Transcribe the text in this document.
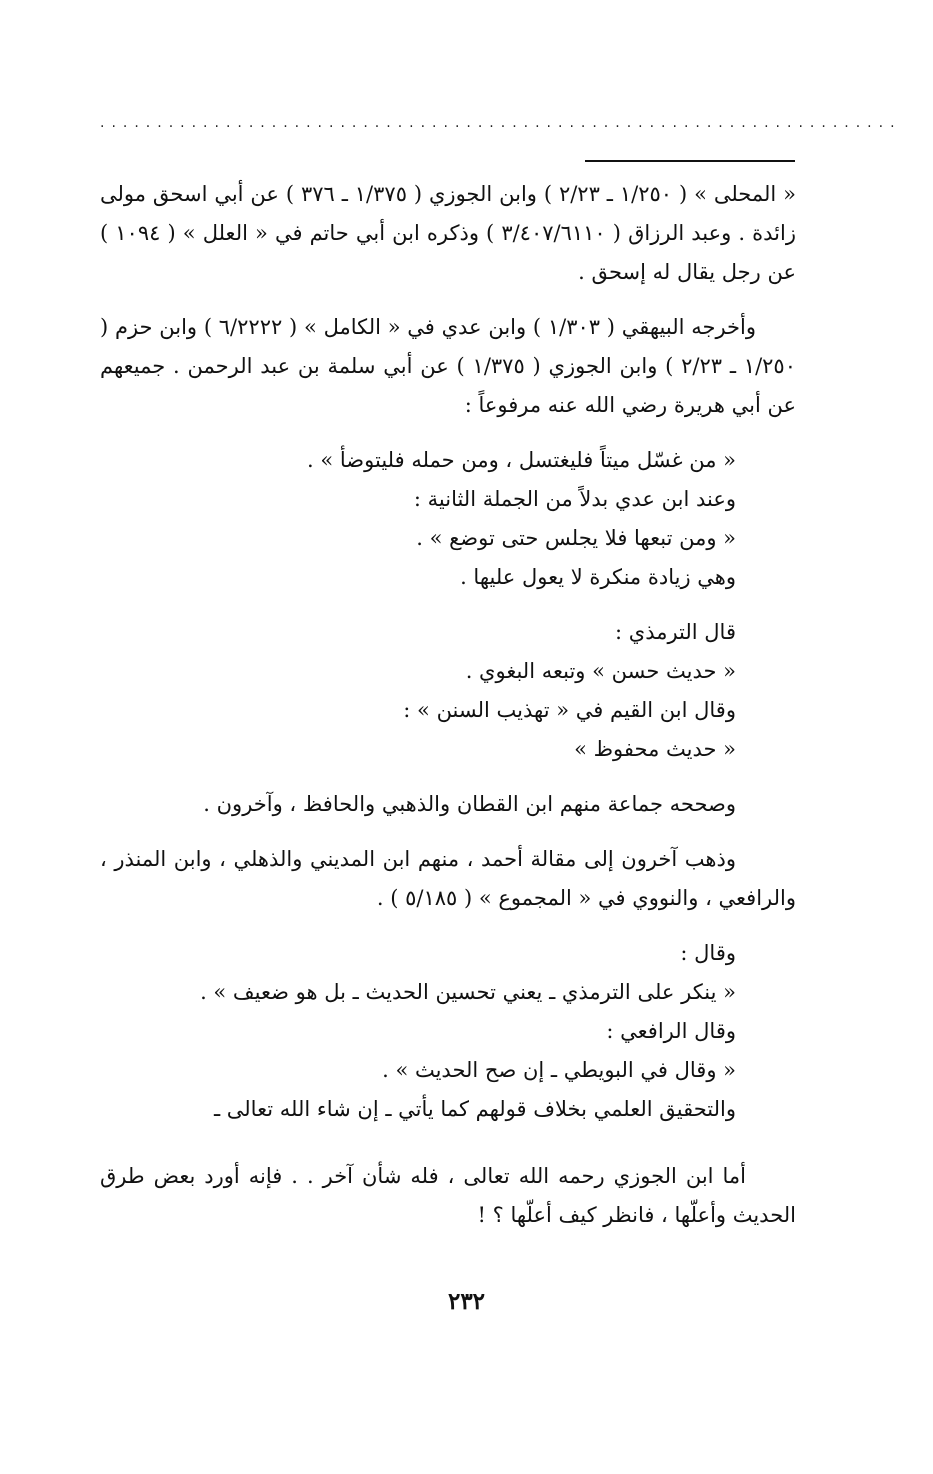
......................................................................

« المحلى » ( ١/٢٥٠ ـ ٢/٢٣ ) وابن الجوزي ( ١/٣٧٥ ـ ٣٧٦ ) عن أبي اسحق مولى زائدة . وعبد الرزاق ( ٣/٤٠٧/٦١١٠ ) وذكره ابن أبي حاتم في « العلل » ( ١٠٩٤ ) عن رجل يقال له إسحق .

وأخرجه البيهقي ( ١/٣٠٣ ) وابن عدي في « الكامل » ( ٦/٢٢٢٢ ) وابن حزم ( ١/٢٥٠ ـ ٢/٢٣ ) وابن الجوزي ( ١/٣٧٥ ) عن أبي سلمة بن عبد الرحمن . جميعهم عن أبي هريرة رضي الله عنه مرفوعاً :

« من غسّل ميتاً فليغتسل ، ومن حمله فليتوضأ » .

وعند ابن عدي بدلاً من الجملة الثانية :

« ومن تبعها فلا يجلس حتى توضع » .

وهي زيادة منكرة لا يعول عليها .

قال الترمذي :

« حديث حسن » وتبعه البغوي .

وقال ابن القيم في « تهذيب السنن » :

« حديث محفوظ »

وصححه جماعة منهم ابن القطان والذهبي والحافظ ، وآخرون .

وذهب آخرون إلى مقالة أحمد ، منهم ابن المديني والذهلي ، وابن المنذر ، والرافعي ، والنووي في « المجموع » ( ٥/١٨٥ ) .

وقال :

« ينكر على الترمذي ـ يعني تحسين الحديث ـ بل هو ضعيف » .

وقال الرافعي :

« وقال في البويطي ـ إن صح الحديث » .

والتحقيق العلمي بخلاف قولهم كما يأتي ـ إن شاء الله تعالى ـ

أما ابن الجوزي رحمه الله تعالى ، فله شأن آخر . . فإنه أورد بعض طرق الحديث وأعلّها ، فانظر كيف أعلّها ؟ !

٢٣٢
